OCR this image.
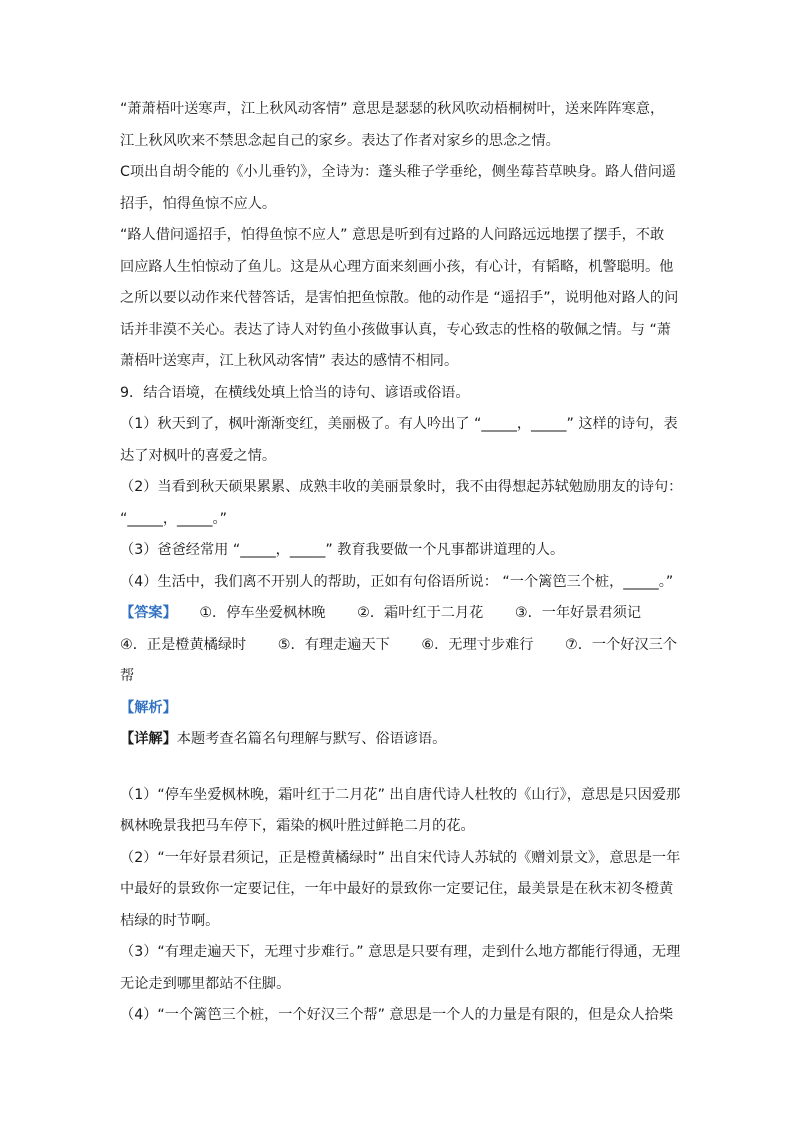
“萧萧梧叶送寒声，江上秋风动客情” 意思是瑟瑟的秋风吹动梧桐树叶，送来阵阵寒意，
江上秋风吹来不禁思念起自己的家乡。表达了作者对家乡的思念之情。
C项出自胡令能的《小儿垂钓》，全诗为：蓬头稚子学垂纶，侧坐莓苔草映身。路人借问遥
招手，怕得鱼惊不应人。
“路人借问遥招手，怕得鱼惊不应人” 意思是听到有过路的人问路远远地摆了摆手，不敢
回应路人生怕惊动了鱼儿。这是从心理方面来刻画小孩，有心计，有韬略，机警聪明。他
之所以要以动作来代替答话，是害怕把鱼惊散。他的动作是 “遥招手”，说明他对路人的问
话并非漠不关心。表达了诗人对钓鱼小孩做事认真，专心致志的性格的敬佩之情。与 “萧
萧梧叶送寒声，江上秋风动客情” 表达的感情不相同。
9．结合语境，在横线处填上恰当的诗句、谚语或俗语。
（1）秋天到了，枫叶渐渐变红，美丽极了。有人吟出了 “_____，_____” 这样的诗句，表
达了对枫叶的喜爱之情。
（2）当看到秋天硕果累累、成熟丰收的美丽景象时，我不由得想起苏轼勉励朋友的诗句：
“_____，_____。”
（3）爸爸经常用 “_____，_____” 教育我要做一个凡事都讲道理的人。
（4）生活中，我们离不开别人的帮助，正如有句俗语所说： “一个篱笆三个桩，_____。”
【答案】     ①．停车坐爱枫林晚       ②．霜叶红于二月花       ③．一年好景君须记
④．正是橙黄橘绿时       ⑤．有理走遍天下       ⑥．无理寸步难行       ⑦．一个好汉三个
帮
【解析】
【详解】本题考查名篇名句理解与默写、俗语谚语。
（1）“停车坐爱枫林晚，霜叶红于二月花” 出自唐代诗人杜牧的《山行》，意思是只因爱那
枫林晚景我把马车停下，霜染的枫叶胜过鲜艳二月的花。
（2）“一年好景君须记，正是橙黄橘绿时” 出自宋代诗人苏轼的《赠刘景文》，意思是一年
中最好的景致你一定要记住，一年中最好的景致你一定要记住，最美景是在秋末初冬橙黄
桔绿的时节啊。
（3）“有理走遍天下，无理寸步难行。” 意思是只要有理，走到什么地方都能行得通，无理
无论走到哪里都站不住脚。
（4）“一个篱笆三个桩，一个好汉三个帮” 意思是一个人的力量是有限的，但是众人拾柴
